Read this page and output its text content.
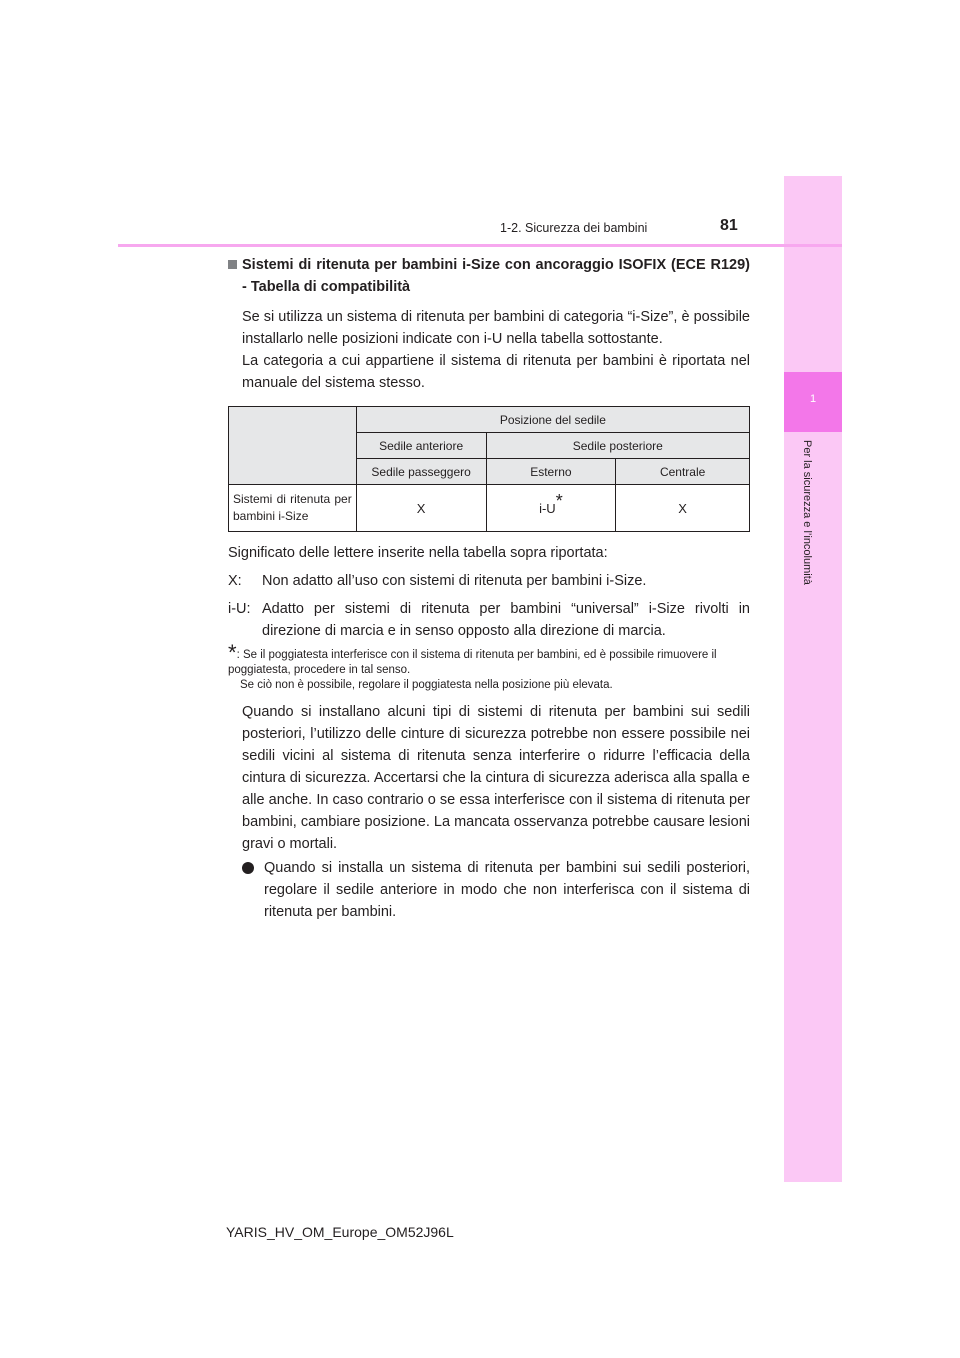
1
Per la sicurezza e l’incolumità
1-2. Sicurezza dei bambini	81

Sistemi di ritenuta per bambini i-Size con ancoraggio ISOFIX (ECE R129) - Tabella di compatibilità

Se si utilizza un sistema di ritenuta per bambini di categoria “i-Size”, è possibile installarlo nelle posizioni indicate con i-U nella tabella sottostante.

La categoria a cui appartiene il sistema di ritenuta per bambini è riportata nel manuale del sistema stesso.

	Posizione del sedile		
	Sedile anteriore	Sedile posteriore	
	Sedile passeggero	Esterno	Centrale
Sistemi di ritenuta per bambini i-Size	X	i-U*	X

Significato delle lettere inserite nella tabella sopra riportata:

X:	Non adatto all’uso con sistemi di ritenuta per bambini i-Size.
i-U: Adatto per sistemi di ritenuta per bambini “universal” i-Size rivolti in direzione di marcia e in senso opposto alla direzione di marcia.
*: Se il poggiatesta interferisce con il sistema di ritenuta per bambini, ed è possibile rimuovere il poggiatesta, procedere in tal senso.
Se ciò non è possibile, regolare il poggiatesta nella posizione più elevata.

Quando si installano alcuni tipi di sistemi di ritenuta per bambini sui sedili posteriori, l’utilizzo delle cinture di sicurezza potrebbe non essere possibile nei sedili vicini al sistema di ritenuta senza interferire o ridurre l’efficacia della cintura di sicurezza. Accertarsi che la cintura di sicurezza aderisca alla spalla e alle anche. In caso contrario o se essa interferisce con il sistema di ritenuta per bambini, cambiare posizione. La mancata osservanza potrebbe causare lesioni gravi o mortali.

Quando si installa un sistema di ritenuta per bambini sui sedili posteriori, regolare il sedile anteriore in modo che non interferisca con il sistema di ritenuta per bambini.
YARIS_HV_OM_Europe_OM52J96L
